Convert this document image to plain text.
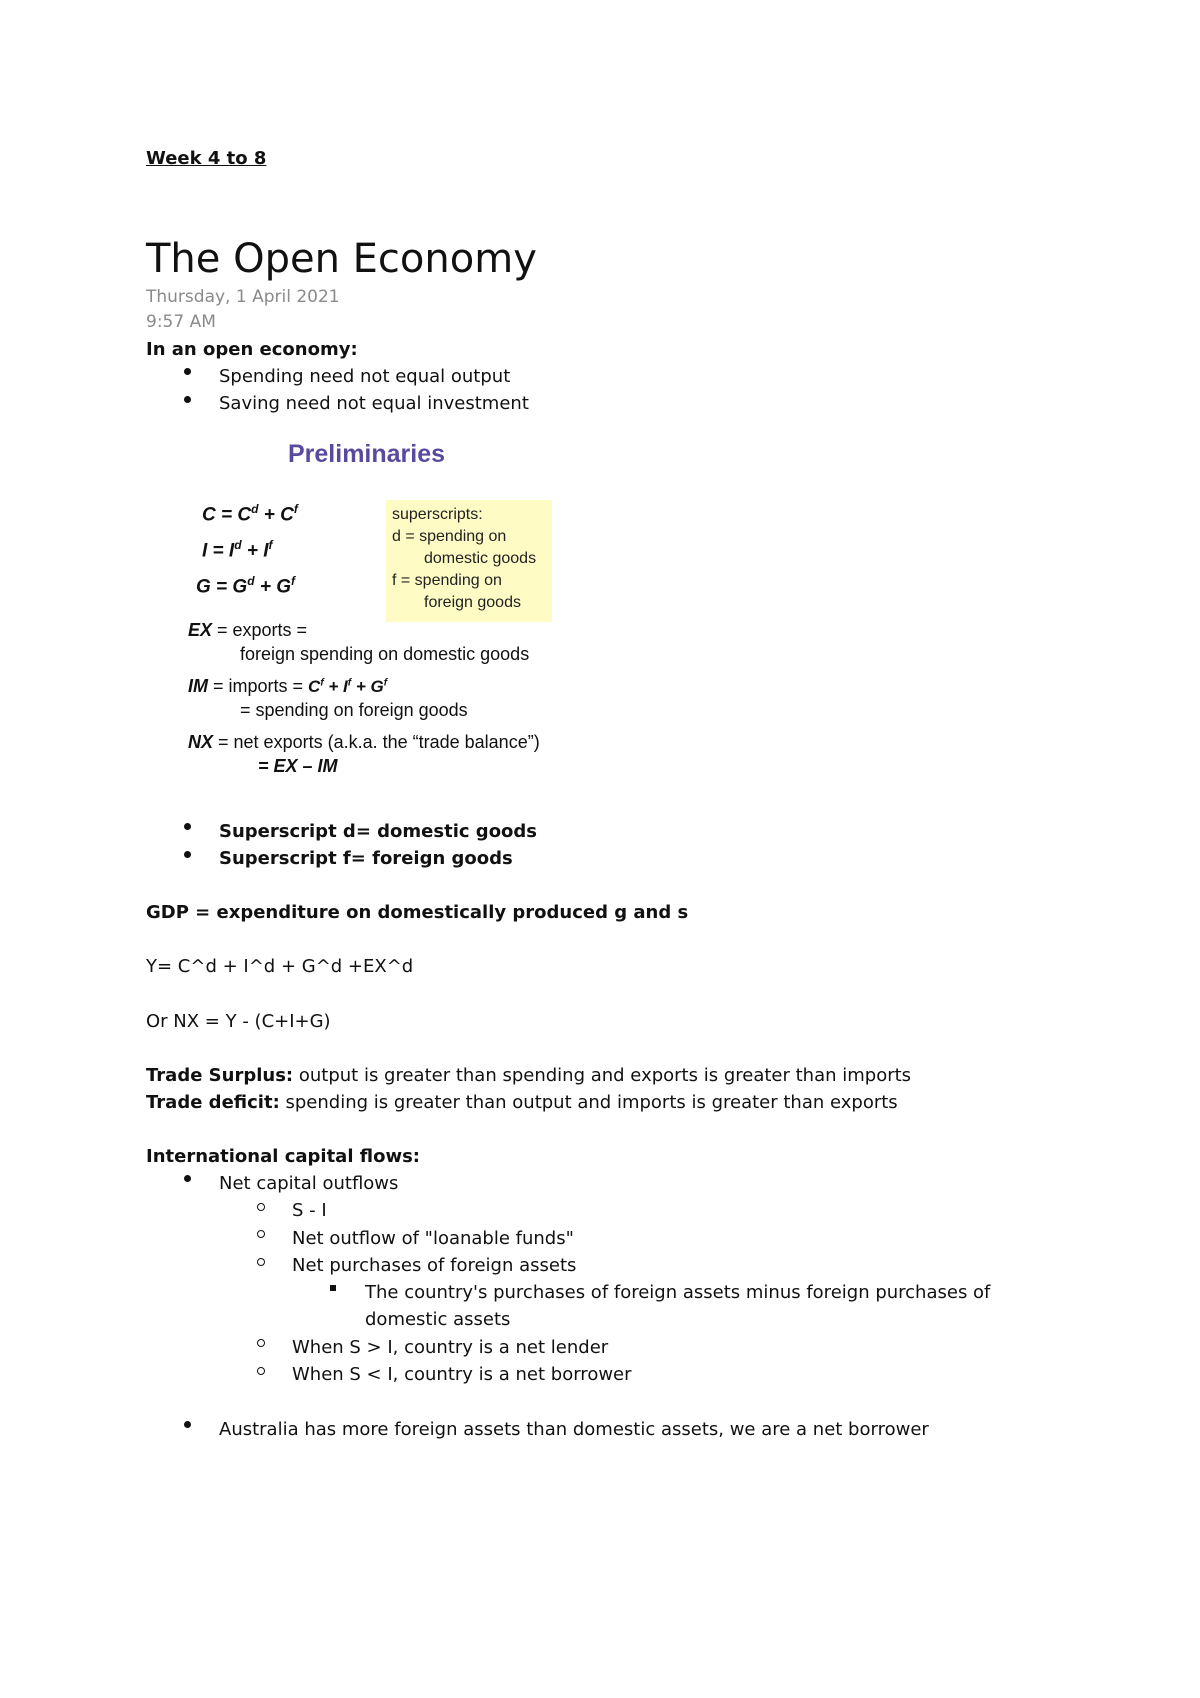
Week 4 to 8
The Open Economy
Thursday, 1 April 2021
9:57 AM
In an open economy:
Spending need not equal output
Saving need not equal investment
Preliminaries
$C = C^d + C^f$
$I = I^d + I^f$
$G = G^d + G^f$
superscripts:
d = spending on
domestic goods
f = spending on
foreign goods
EX = exports =
foreign spending on domestic goods
IM = imports = $C^f + I^f + G^f$
= spending on foreign goods
NX = net exports (a.k.a. the “trade balance”)
= EX – IM
Superscript d= domestic goods
Superscript f= foreign goods
GDP = expenditure on domestically produced g and s
Y= C^d + I^d + G^d +EX^d
Or NX = Y - (C+I+G)
Trade Surplus: output is greater than spending and exports is greater than imports
Trade deficit: spending is greater than output and imports is greater than exports
International capital flows:
Net capital outflows
S - I
Net outflow of "loanable funds"
Net purchases of foreign assets
The country's purchases of foreign assets minus foreign purchases of
domestic assets
When S > I, country is a net lender
When S < I, country is a net borrower
Australia has more foreign assets than domestic assets, we are a net borrower
